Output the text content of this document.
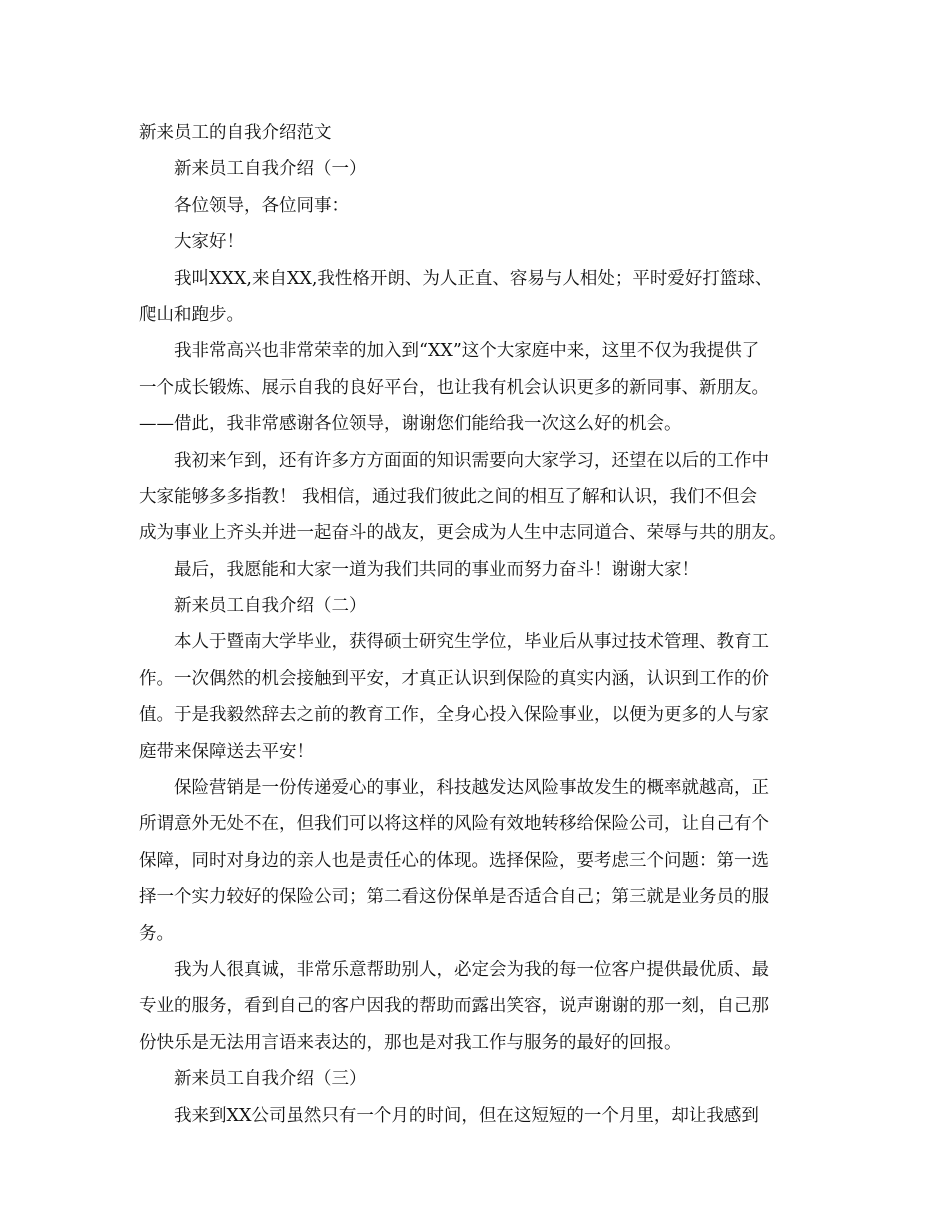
新来员工的自我介绍范文
新来员工自我介绍（一）
各位领导，各位同事：
大家好！
我叫XXX,来自XX,我性格开朗、为人正直、容易与人相处；平时爱好打篮球、
爬山和跑步。
我非常高兴也非常荣幸的加入到“XX”这个大家庭中来，这里不仅为我提供了
一个成长锻炼、展示自我的良好平台，也让我有机会认识更多的新同事、新朋友。
——借此，我非常感谢各位领导，谢谢您们能给我一次这么好的机会。
我初来乍到，还有许多方方面面的知识需要向大家学习，还望在以后的工作中
大家能够多多指教！ 我相信，通过我们彼此之间的相互了解和认识，我们不但会
成为事业上齐头并进一起奋斗的战友，更会成为人生中志同道合、荣辱与共的朋友。
最后，我愿能和大家一道为我们共同的事业而努力奋斗！谢谢大家！
新来员工自我介绍（二）
本人于暨南大学毕业，获得硕士研究生学位，毕业后从事过技术管理、教育工
作。一次偶然的机会接触到平安，才真正认识到保险的真实内涵，认识到工作的价
值。于是我毅然辞去之前的教育工作，全身心投入保险事业，以便为更多的人与家
庭带来保障送去平安！
保险营销是一份传递爱心的事业，科技越发达风险事故发生的概率就越高，正
所谓意外无处不在，但我们可以将这样的风险有效地转移给保险公司，让自己有个
保障，同时对身边的亲人也是责任心的体现。选择保险，要考虑三个问题：第一选
择一个实力较好的保险公司；第二看这份保单是否适合自己；第三就是业务员的服
务。
我为人很真诚，非常乐意帮助别人，必定会为我的每一位客户提供最优质、最
专业的服务，看到自己的客户因我的帮助而露出笑容，说声谢谢的那一刻，自己那
份快乐是无法用言语来表达的，那也是对我工作与服务的最好的回报。
新来员工自我介绍（三）
我来到XX公司虽然只有一个月的时间，但在这短短的一个月里，却让我感到
